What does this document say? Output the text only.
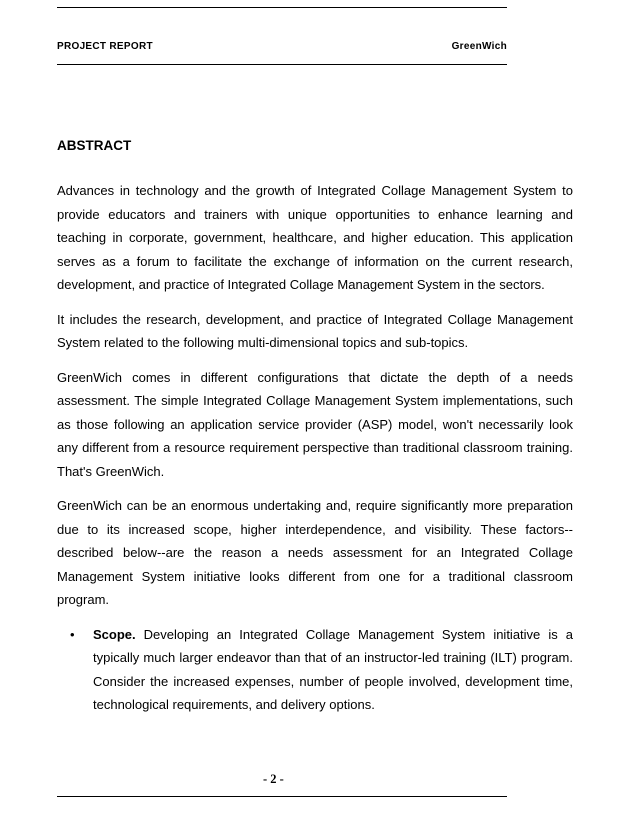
PROJECT REPORT	GreenWich
ABSTRACT

Advances in technology and the growth of Integrated Collage Management System to provide educators and trainers with unique opportunities to enhance learning and teaching in corporate, government, healthcare, and higher education. This application serves as a forum to facilitate the exchange of information on the current research, development, and practice of Integrated Collage Management System in the sectors.

It includes the research, development, and practice of Integrated Collage Management System related to the following multi-dimensional topics and sub-topics.

GreenWich comes in different configurations that dictate the depth of a needs assessment. The simple Integrated Collage Management System implementations, such as those following an application service provider (ASP) model, won't necessarily look any different from a resource requirement perspective than traditional classroom training. That's GreenWich.

GreenWich can be an enormous undertaking and, require significantly more preparation due to its increased scope, higher interdependence, and visibility. These factors--described below--are the reason a needs assessment for an Integrated Collage Management System initiative looks different from one for a traditional classroom program.

• Scope. Developing an Integrated Collage Management System initiative is a typically much larger endeavor than that of an instructor-led training (ILT) program. Consider the increased expenses, number of people involved, development time, technological requirements, and delivery options.
- 2 -
